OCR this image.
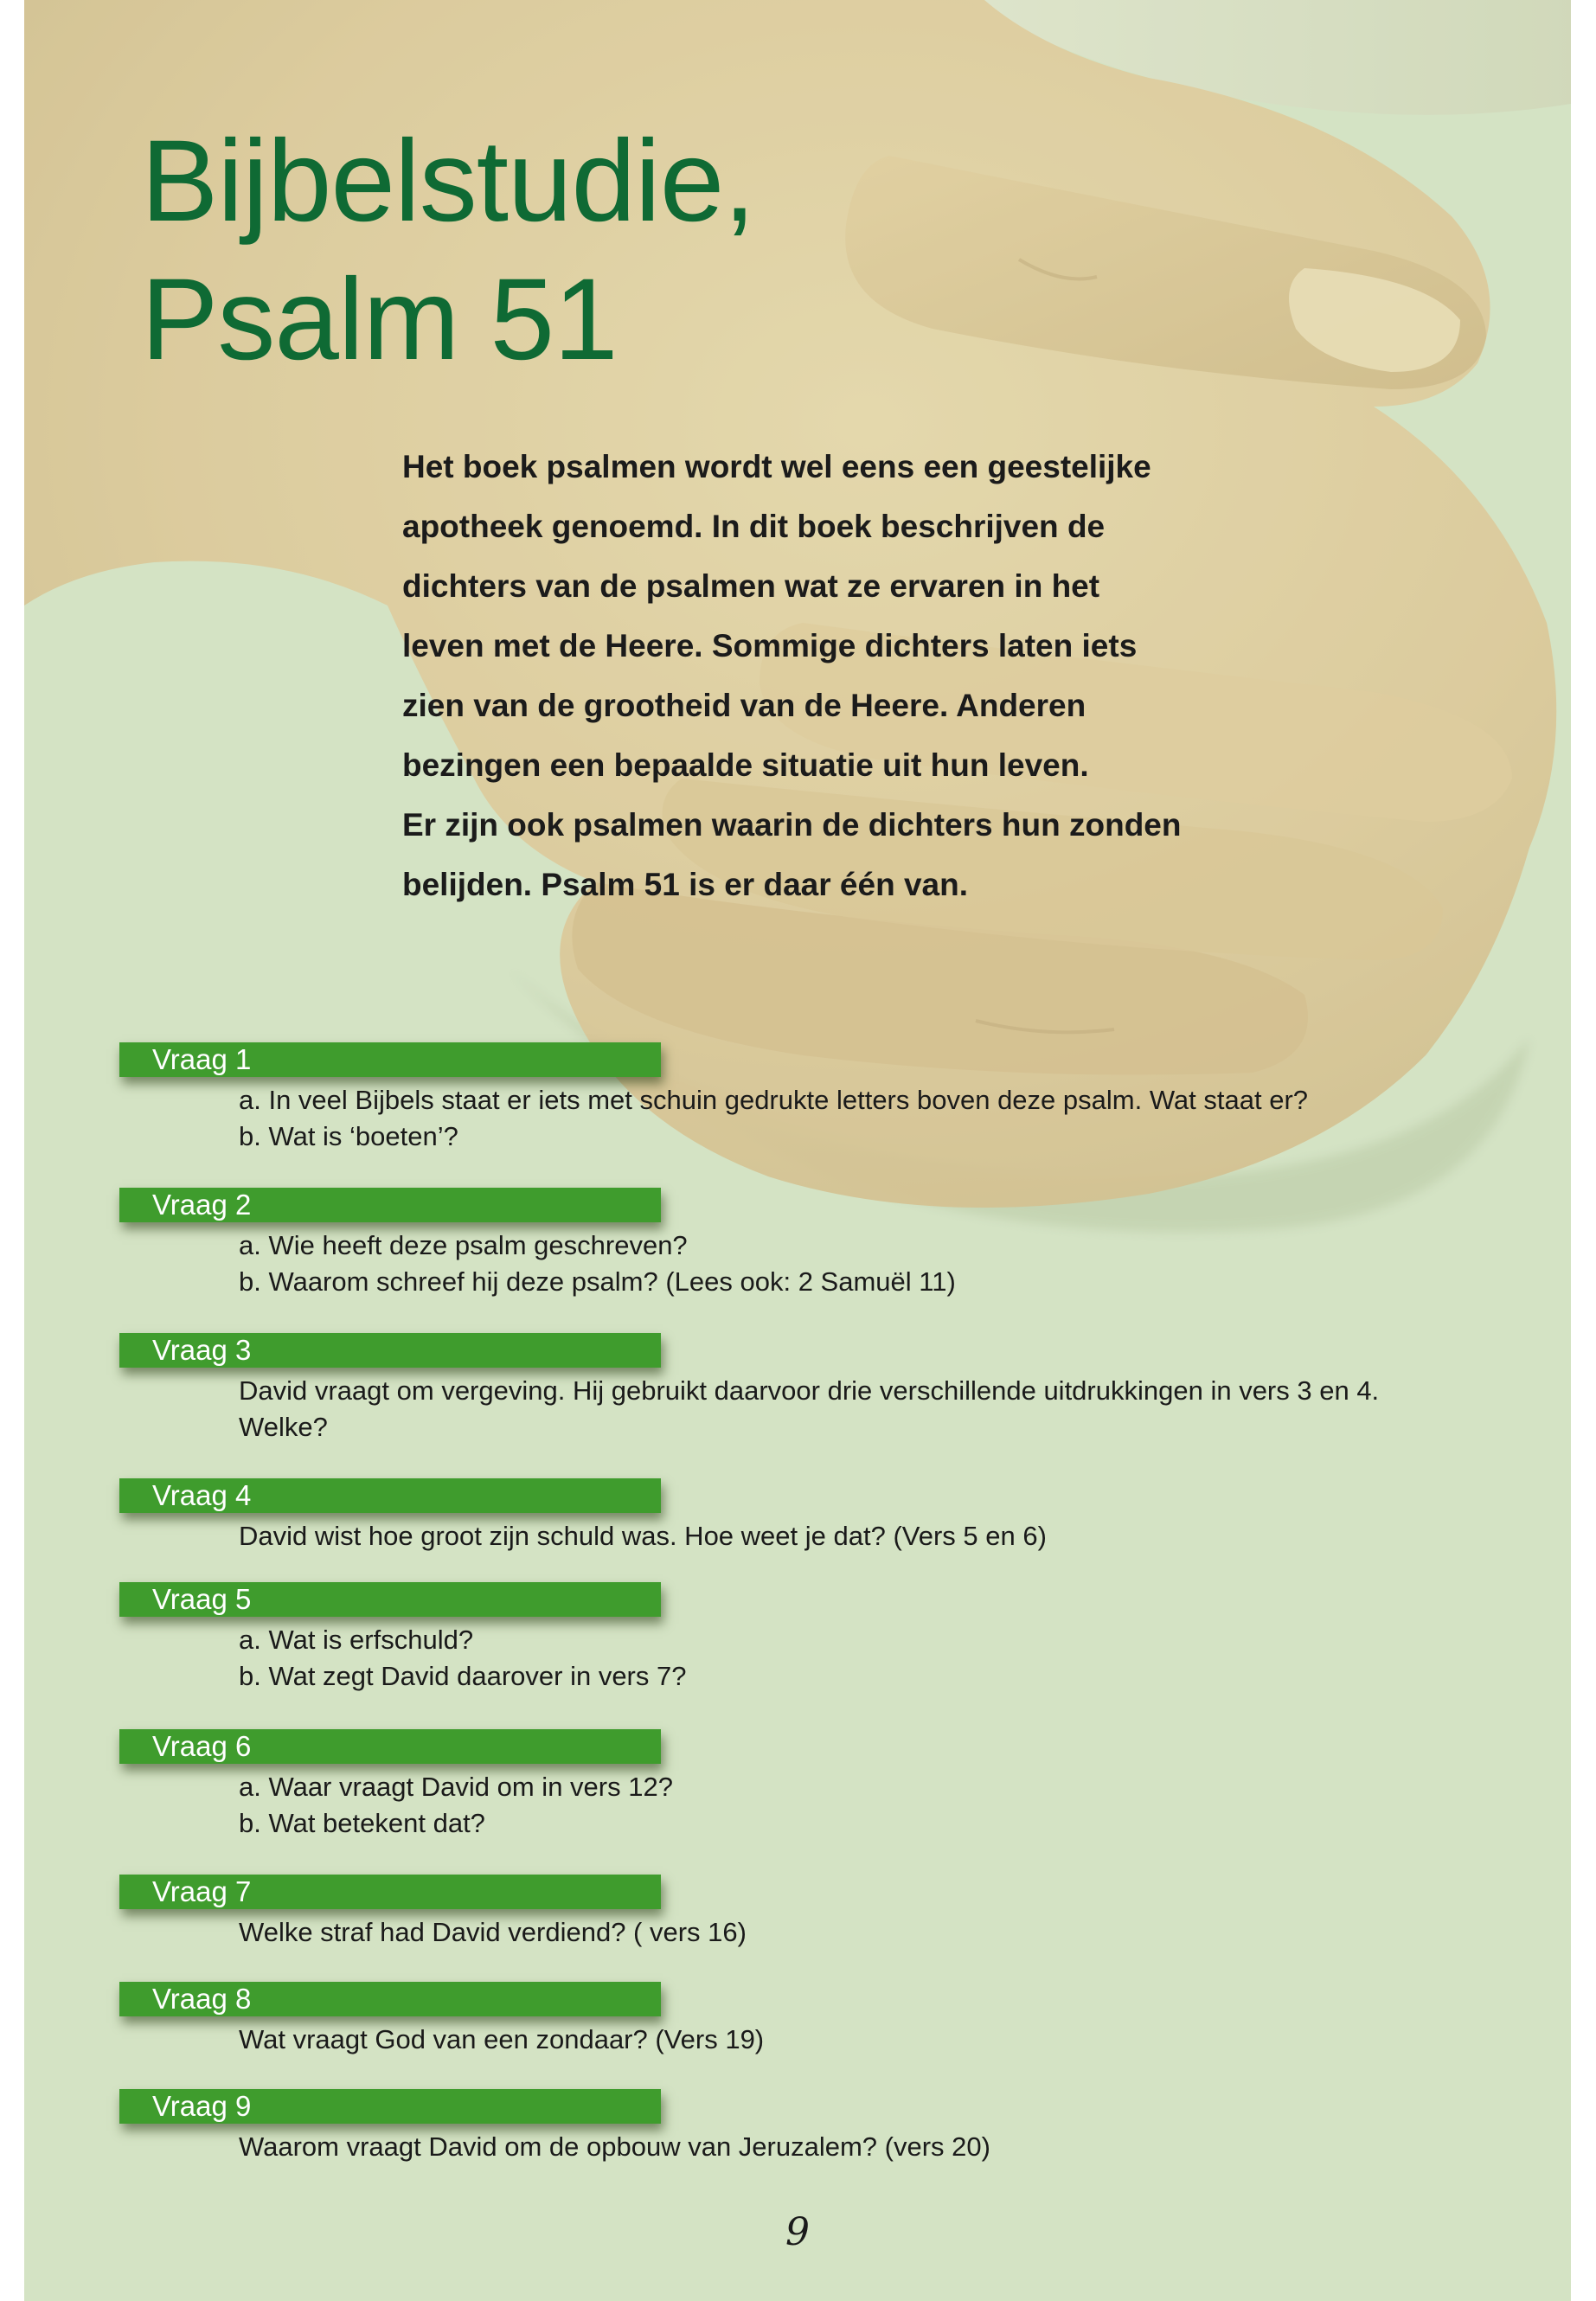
Bijbelstudie,
Psalm 51

Het boek psalmen wordt wel eens een geestelijke
apotheek genoemd. In dit boek beschrijven de
dichters van de psalmen wat ze ervaren in het
leven met de Heere. Sommige dichters laten iets
zien van de grootheid van de Heere. Anderen
bezingen een bepaalde situatie uit hun leven.
Er zijn ook psalmen waarin de dichters hun zonden
belijden. Psalm 51 is er daar één van.

Vraag 1
a. In veel Bijbels staat er iets met schuin gedrukte letters boven deze psalm. Wat staat er?
b. Wat is ‘boeten’?
Vraag 2
a. Wie heeft deze psalm geschreven?
b. Waarom schreef hij deze psalm? (Lees ook: 2 Samuël 11)
Vraag 3
David vraagt om vergeving. Hij gebruikt daarvoor drie verschillende uitdrukkingen in vers 3 en 4.
Welke?
Vraag 4
David wist hoe groot zijn schuld was. Hoe weet je dat? (Vers 5 en 6)
Vraag 5
a. Wat is erfschuld?
b. Wat zegt David daarover in vers 7?
Vraag 6
a. Waar vraagt David om in vers 12?
b. Wat betekent dat?
Vraag 7
Welke straf had David verdiend? ( vers 16)
Vraag 8
Wat vraagt God van een zondaar? (Vers 19)
Vraag 9
Waarom vraagt David om de opbouw van Jeruzalem? (vers 20)
9
